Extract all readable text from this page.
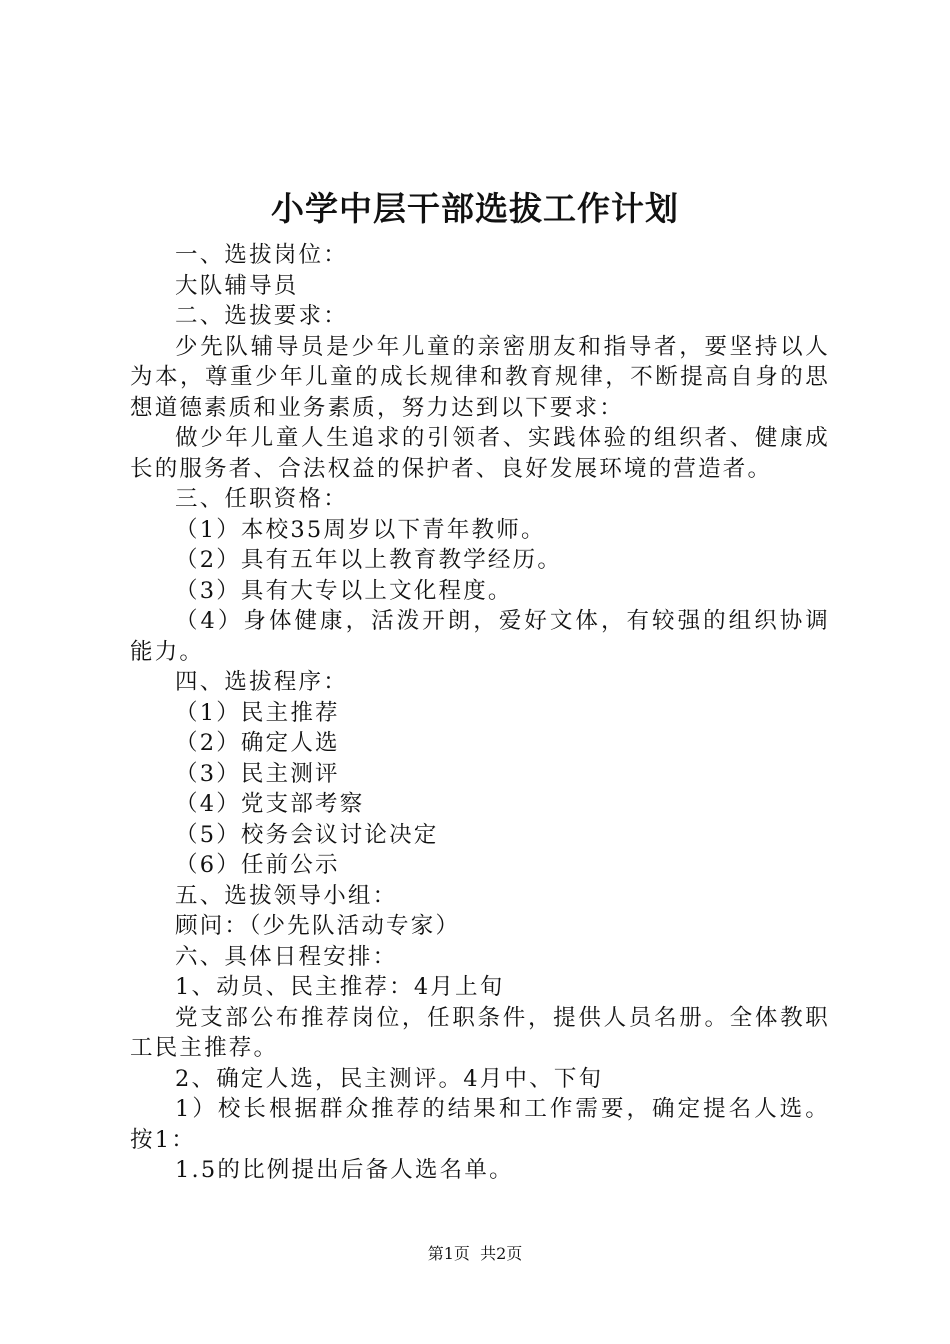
小学中层干部选拔工作计划

一、选拔岗位：

大队辅导员

二、选拔要求：

少先队辅导员是少年儿童的亲密朋友和指导者，要坚持以人为本，尊重少年儿童的成长规律和教育规律，不断提高自身的思想道德素质和业务素质，努力达到以下要求：

做少年儿童人生追求的引领者、实践体验的组织者、健康成长的服务者、合法权益的保护者、良好发展环境的营造者。

三、任职资格：

（1）本校35周岁以下青年教师。

（2）具有五年以上教育教学经历。

（3）具有大专以上文化程度。

（4）身体健康，活泼开朗，爱好文体，有较强的组织协调能力。

四、选拔程序：

（1）民主推荐

（2）确定人选

（3）民主测评

（4）党支部考察

（5）校务会议讨论决定

（6）任前公示

五、选拔领导小组：

顾问：（少先队活动专家）

六、具体日程安排：

1、动员、民主推荐：4月上旬

党支部公布推荐岗位，任职条件，提供人员名册。全体教职工民主推荐。

2、确定人选，民主测评。4月中、下旬

1）校长根据群众推荐的结果和工作需要，确定提名人选。按1：

1.5的比例提出后备人选名单。

第1页  共2页
